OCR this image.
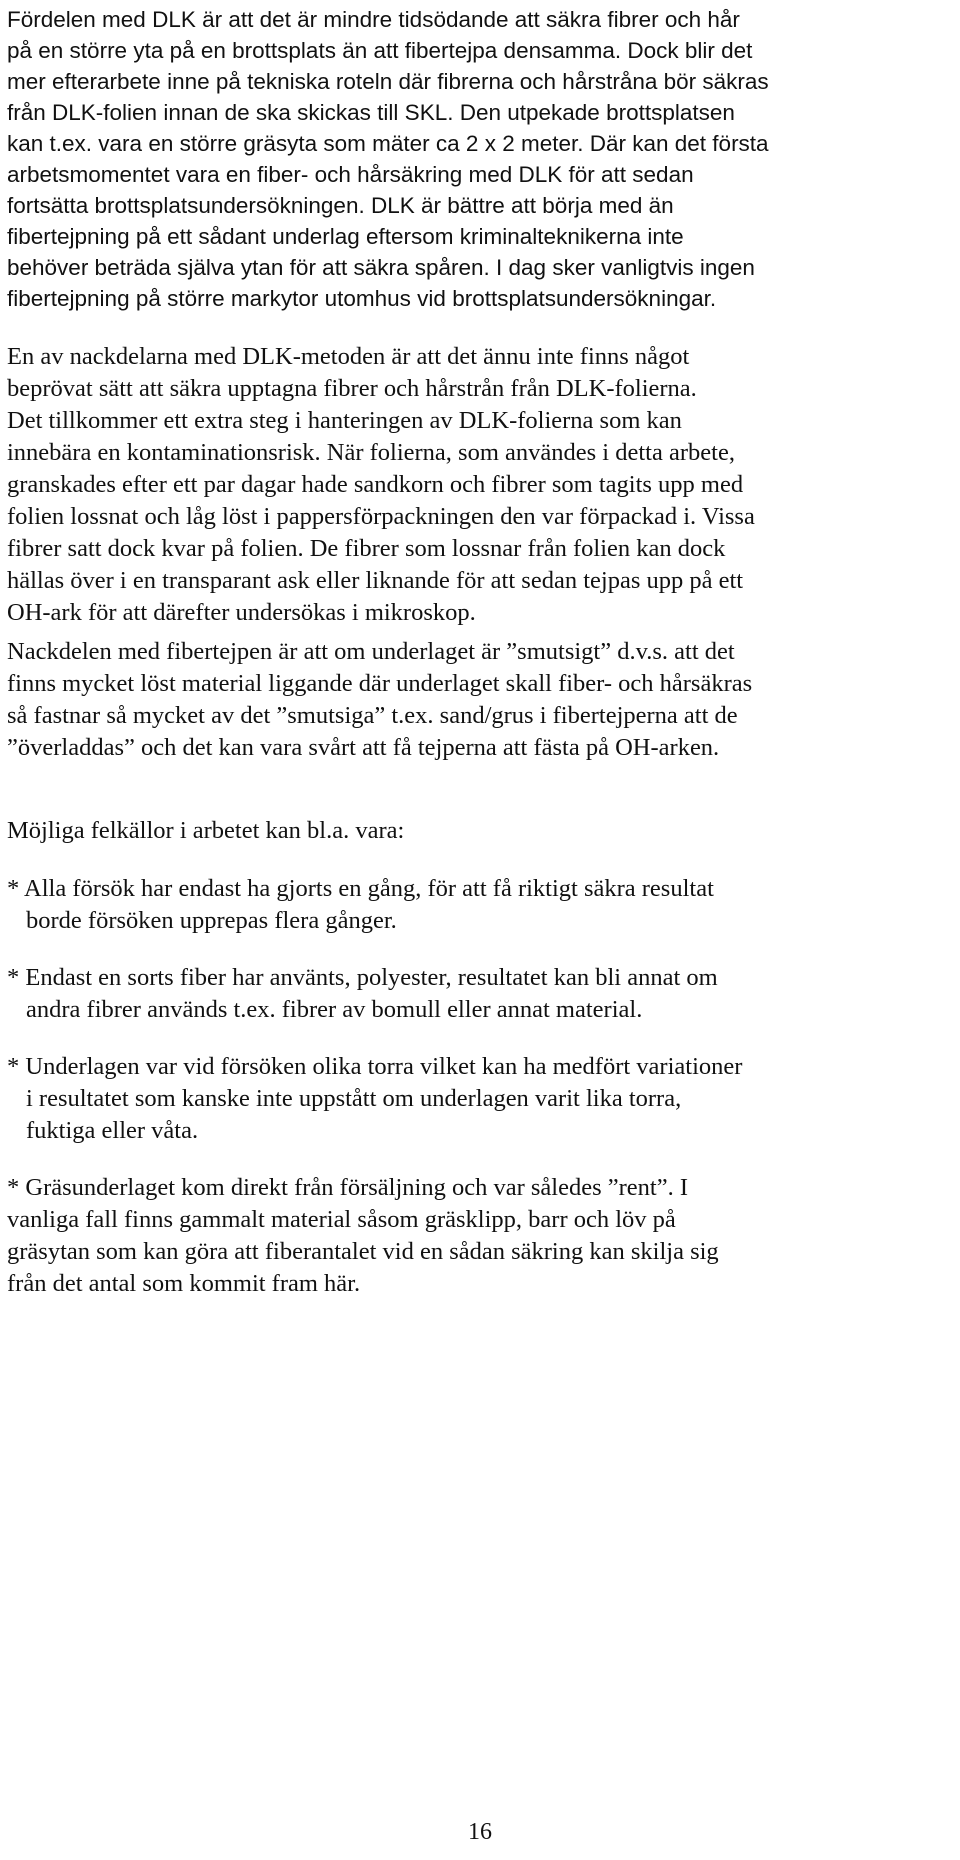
Fördelen med DLK är att det är mindre tidsödande att säkra fibrer och hår
på en större yta på en brottsplats än att fibertejpa densamma. Dock blir det
mer efterarbete inne på tekniska roteln där fibrerna och hårstråna bör säkras
från DLK-folien innan de ska skickas till SKL. Den utpekade brottsplatsen
kan t.ex. vara en större gräsyta som mäter ca 2 x 2 meter. Där kan det första
arbetsmomentet vara en fiber- och hårsäkring med DLK för att sedan
fortsätta brottsplatsundersökningen. DLK är bättre att börja med än
fibertejpning på ett sådant underlag eftersom kriminalteknikerna inte
behöver beträda själva ytan för att säkra spåren. I dag sker vanligtvis ingen
fibertejpning på större markytor utomhus vid brottsplatsundersökningar.
En av nackdelarna med DLK-metoden är att det ännu inte finns något
beprövat sätt att säkra upptagna fibrer och hårstrån från DLK-folierna.
Det tillkommer ett extra steg i hanteringen av DLK-folierna som kan
innebära en kontaminationsrisk. När folierna, som användes i detta arbete,
granskades efter ett par dagar hade sandkorn och fibrer som tagits upp med
folien lossnat och låg löst i pappersförpackningen den var förpackad i. Vissa
fibrer satt dock kvar på folien. De fibrer som lossnar från folien kan dock
hällas över i en transparant ask eller liknande för att sedan tejpas upp på ett
OH-ark för att därefter undersökas i mikroskop.
Nackdelen med fibertejpen är att om underlaget är ”smutsigt” d.v.s. att det
finns mycket löst material liggande där underlaget skall fiber- och hårsäkras
så fastnar så mycket av det ”smutsiga” t.ex. sand/grus i fibertejperna att de
”överladdas” och det kan vara svårt att få tejperna att fästa på OH-arken.
Möjliga felkällor i arbetet kan bl.a. vara:
* Alla försök har endast ha gjorts en gång, för att få riktigt säkra resultat
borde försöken upprepas flera gånger.
* Endast en sorts fiber har använts, polyester, resultatet kan bli annat om
andra fibrer används t.ex. fibrer av bomull eller annat material.
* Underlagen var vid försöken olika torra vilket kan ha medfört variationer
i resultatet som kanske inte uppstått om underlagen varit lika torra,
fuktiga eller våta.
* Gräsunderlaget kom direkt från försäljning och var således ”rent”. I
vanliga fall finns gammalt material såsom gräsklipp, barr och löv på
gräsytan som kan göra att fiberantalet vid en sådan säkring kan skilja sig
från det antal som kommit fram här.
16
